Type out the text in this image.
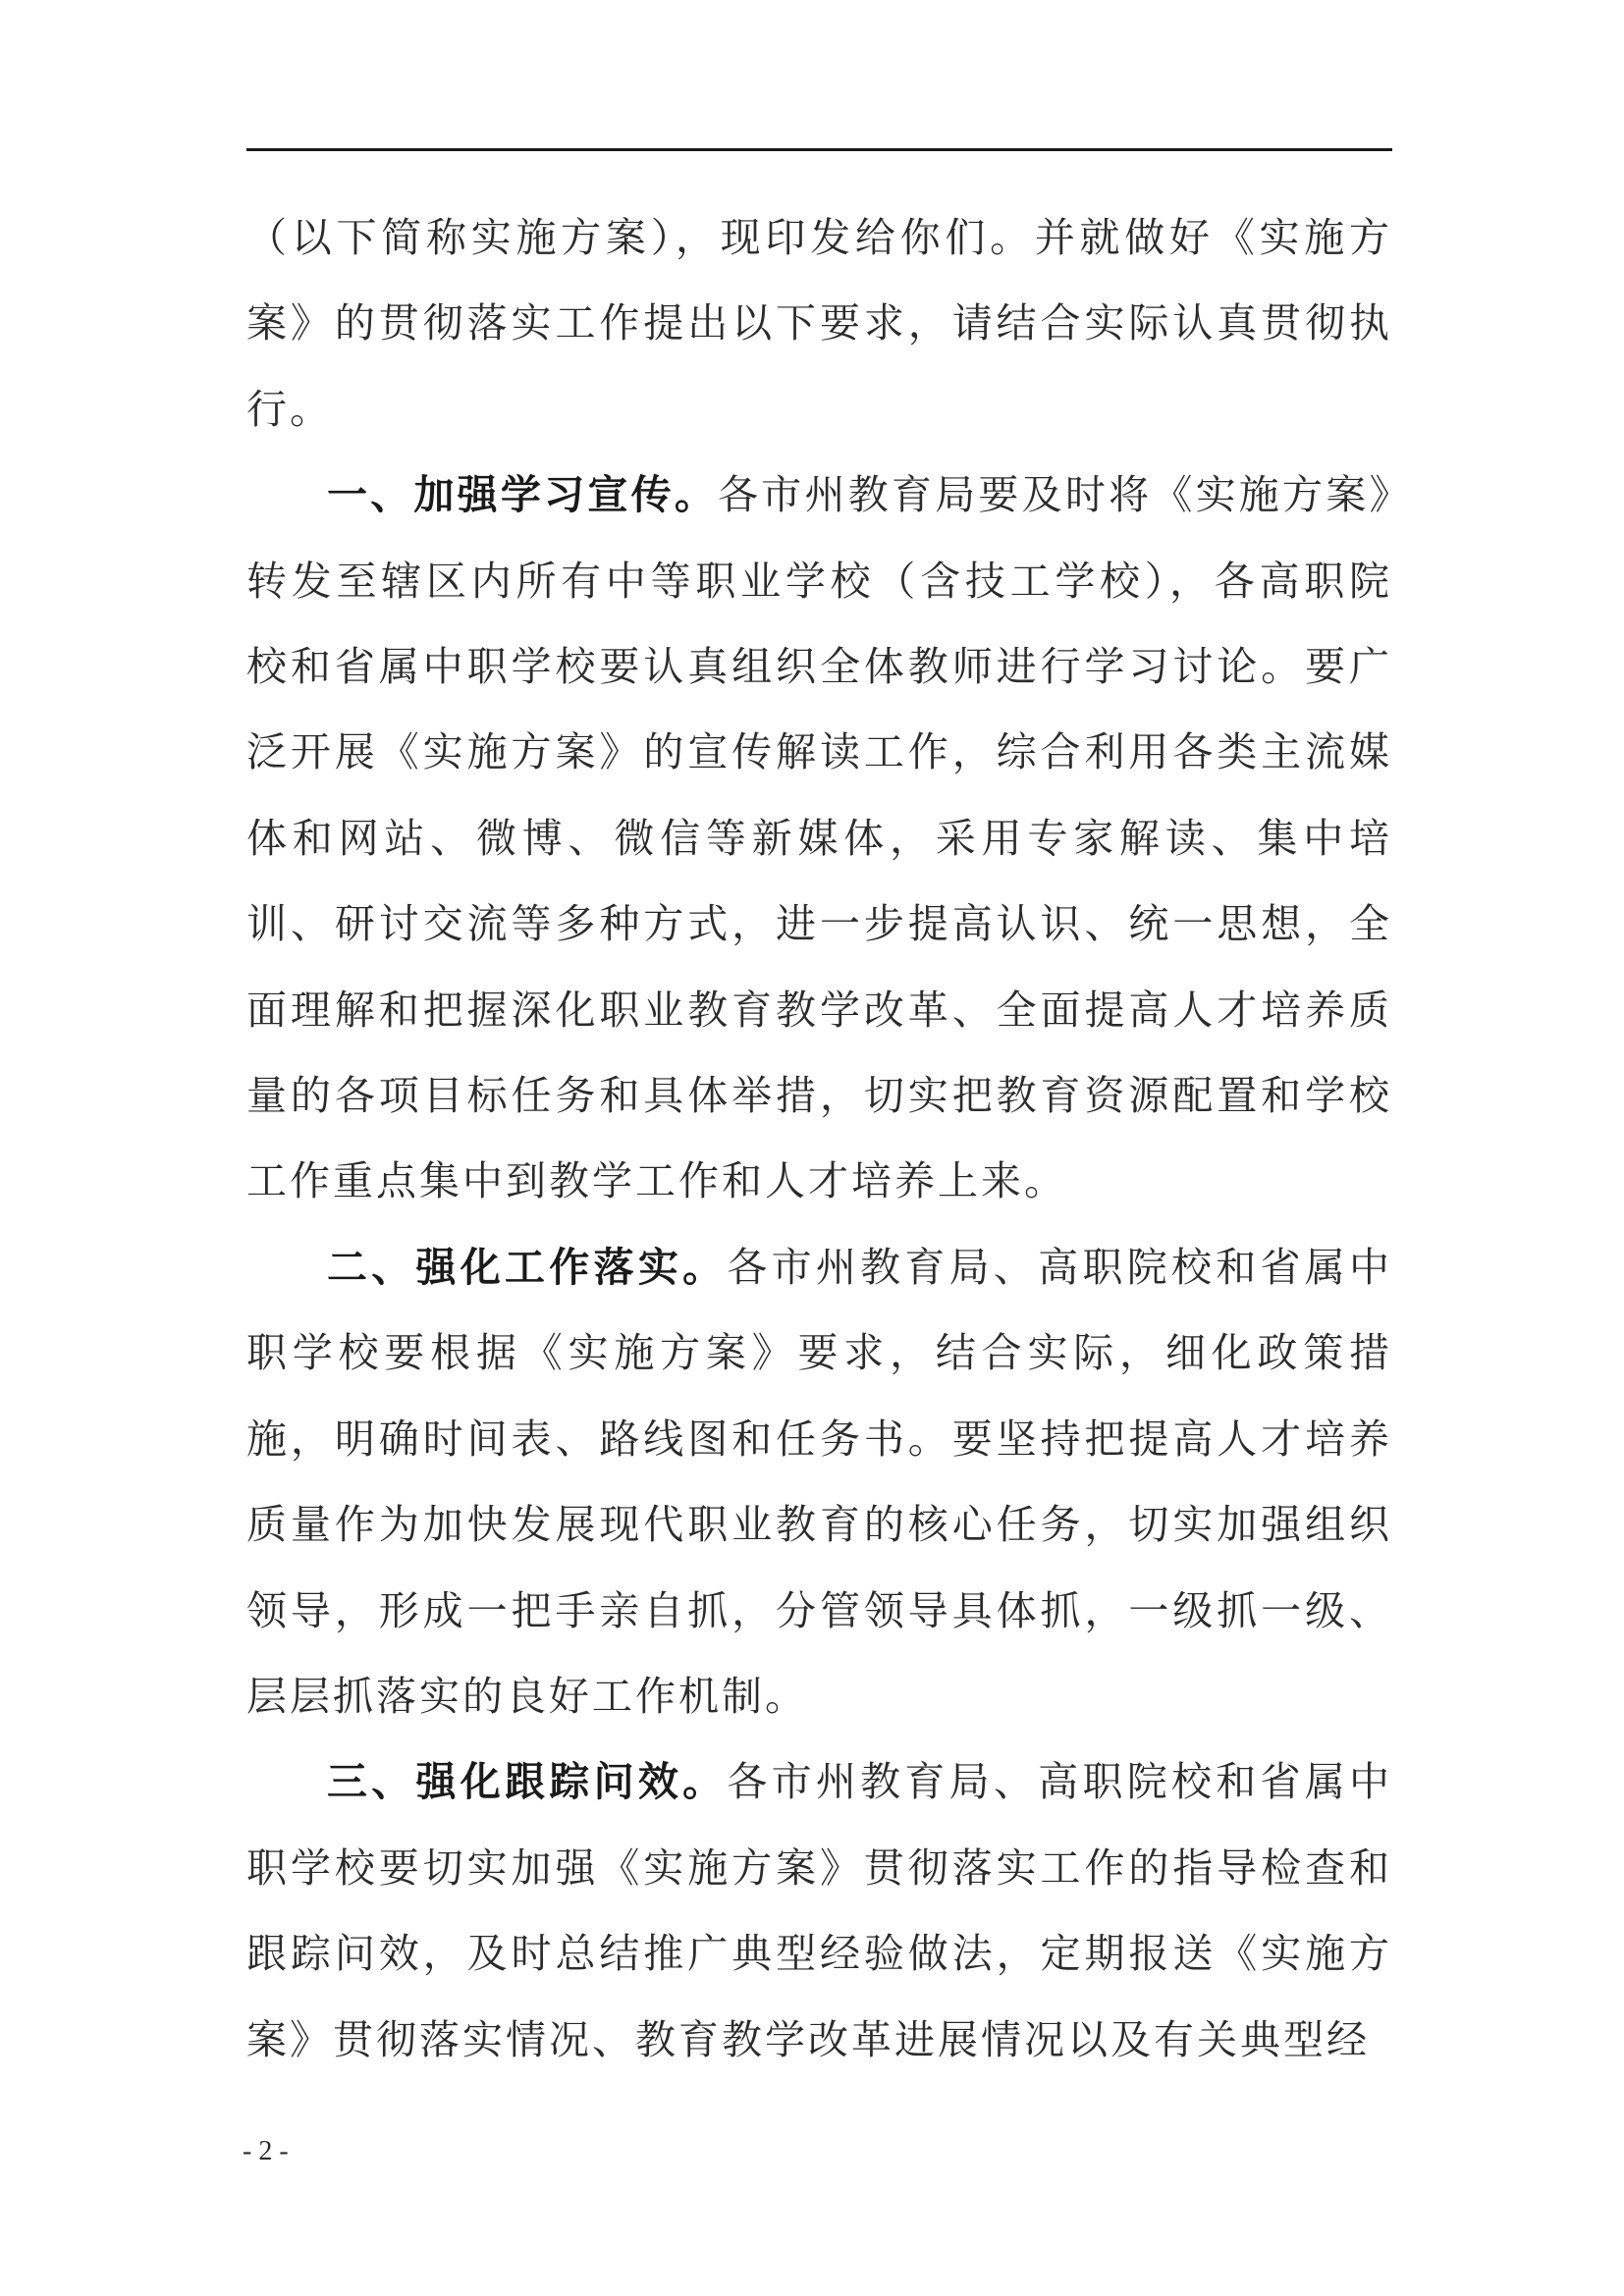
（以下简称实施方案），现印发给你们。并就做好《实施方案》的贯彻落实工作提出以下要求，请结合实际认真贯彻执行。

一、加强学习宣传。各市州教育局要及时将《实施方案》转发至辖区内所有中等职业学校（含技工学校），各高职院校和省属中职学校要认真组织全体教师进行学习讨论。要广泛开展《实施方案》的宣传解读工作，综合利用各类主流媒体和网站、微博、微信等新媒体，采用专家解读、集中培训、研讨交流等多种方式，进一步提高认识、统一思想，全面理解和把握深化职业教育教学改革、全面提高人才培养质量的各项目标任务和具体举措，切实把教育资源配置和学校工作重点集中到教学工作和人才培养上来。

二、强化工作落实。各市州教育局、高职院校和省属中职学校要根据《实施方案》要求，结合实际，细化政策措施，明确时间表、路线图和任务书。要坚持把提高人才培养质量作为加快发展现代职业教育的核心任务，切实加强组织领导，形成一把手亲自抓，分管领导具体抓，一级抓一级、层层抓落实的良好工作机制。

三、强化跟踪问效。各市州教育局、高职院校和省属中职学校要切实加强《实施方案》贯彻落实工作的指导检查和跟踪问效，及时总结推广典型经验做法，定期报送《实施方案》贯彻落实情况、教育教学改革进展情况以及有关典型经

- 2 -
